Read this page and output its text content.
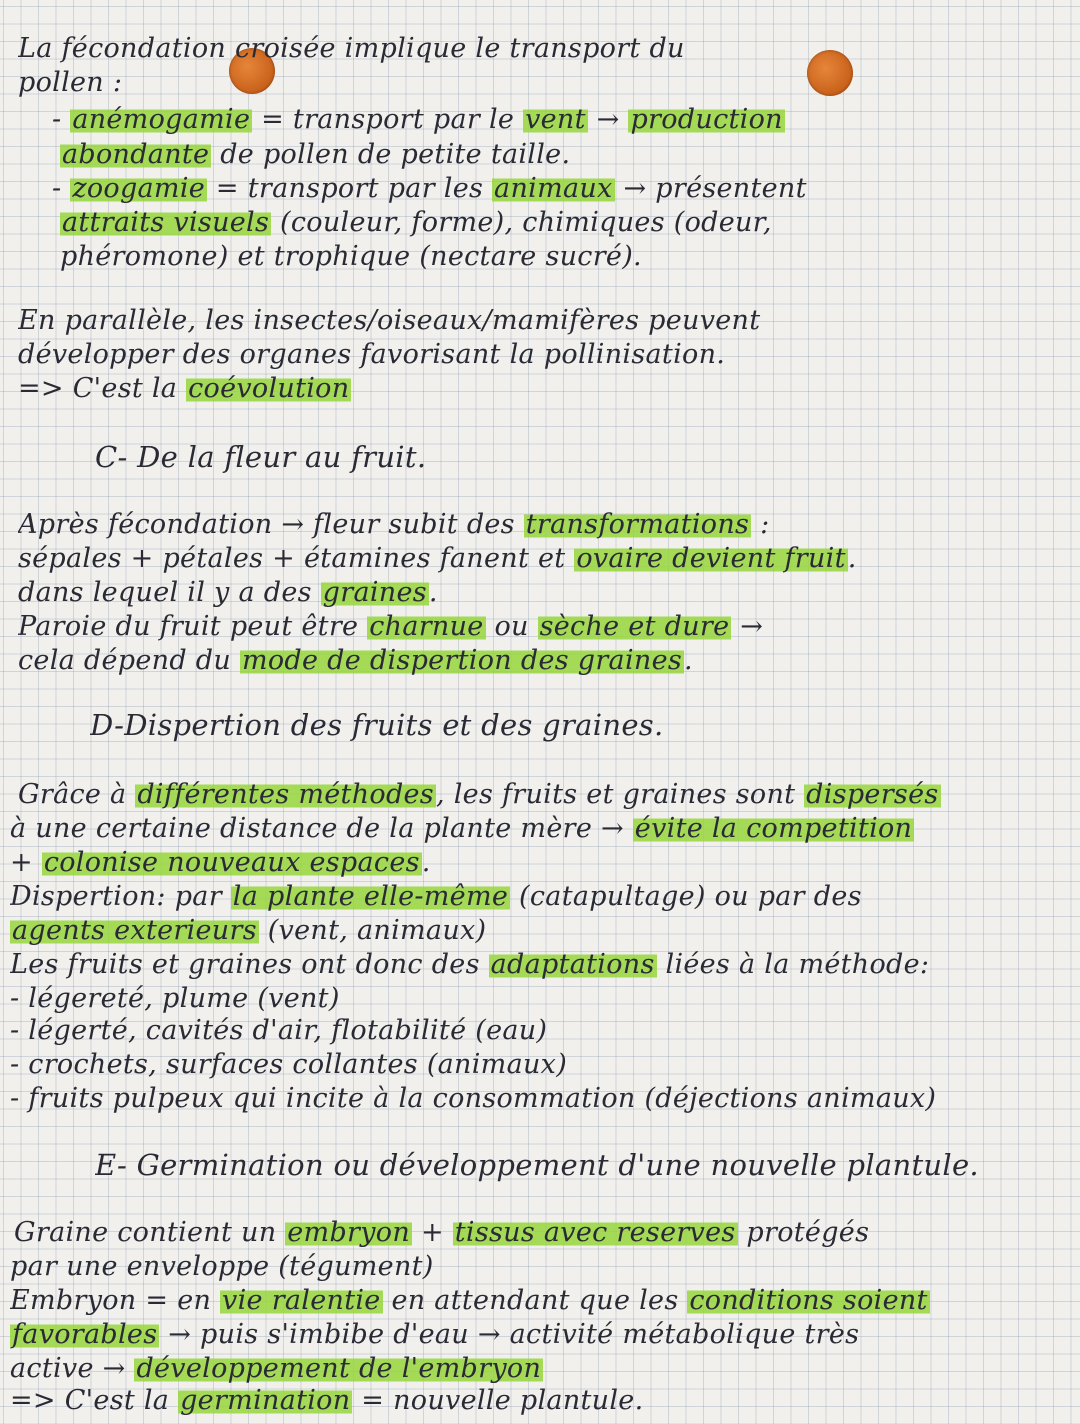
La fécondation croisée implique le transport du
pollen :
- anémogamie = transport par le vent → production
abondante de pollen de petite taille.
- zoogamie = transport par les animaux → présentent
attraits visuels (couleur, forme), chimiques (odeur,
phéromone) et trophique (nectare sucré).
En parallèle, les insectes/oiseaux/mamifères peuvent
développer des organes favorisant la pollinisation.
=> C'est la coévolution
C- De la fleur au fruit.
Après fécondation → fleur subit des transformations :
sépales + pétales + étamines fanent et ovaire devient fruit.
dans lequel il y a des graines.
Paroie du fruit peut être charnue ou sèche et dure →
cela dépend du mode de dispertion des graines.
D-Dispertion des fruits et des graines.
Grâce à différentes méthodes, les fruits et graines sont dispersés
à une certaine distance de la plante mère → évite la competition
+ colonise nouveaux espaces.
Dispertion: par la plante elle-même (catapultage) ou par des
agents exterieurs (vent, animaux)
Les fruits et graines ont donc des adaptations liées à la méthode:
- légereté, plume (vent)
- légerté, cavités d'air, flotabilité (eau)
- crochets, surfaces collantes (animaux)
- fruits pulpeux qui incite à la consommation (déjections animaux)
E- Germination ou développement d'une nouvelle plantule.
Graine contient un embryon + tissus avec reserves protégés
par une enveloppe (tégument)
Embryon = en vie ralentie en attendant que les conditions soient
favorables → puis s'imbibe d'eau → activité métabolique très
active → développement de l'embryon
=> C'est la germination = nouvelle plantule.
